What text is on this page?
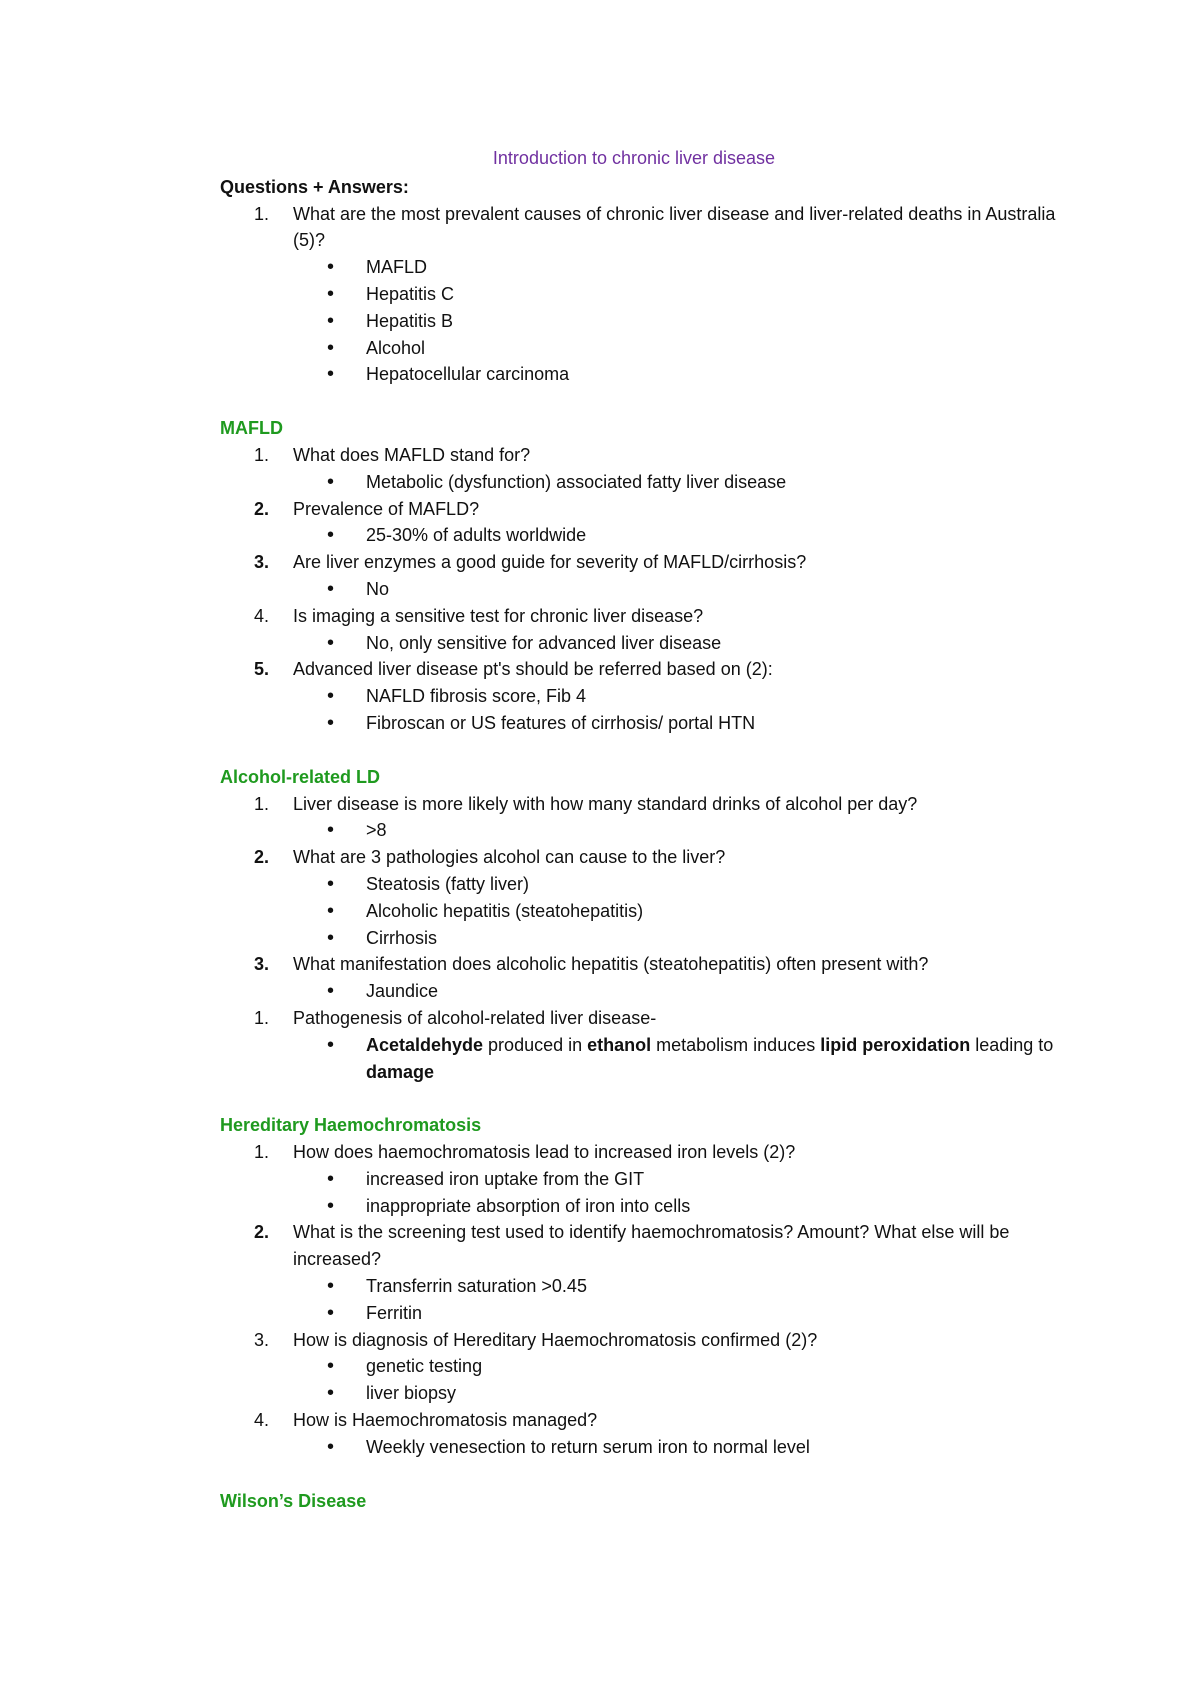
Introduction to chronic liver disease

Questions + Answers:

1.	What are the most prevalent causes of chronic liver disease and liver-related deaths in Australia (5)?
• MAFLD
• Hepatitis C
• Hepatitis B
• Alcohol
• Hepatocellular carcinoma

MAFLD

1.	What does MAFLD stand for?
• Metabolic (dysfunction) associated fatty liver disease
2.	Prevalence of MAFLD?
• 25-30% of adults worldwide
3.	Are liver enzymes a good guide for severity of MAFLD/cirrhosis?
• No
4.	Is imaging a sensitive test for chronic liver disease?
• No, only sensitive for advanced liver disease
5.	Advanced liver disease pt's should be referred based on (2):
• NAFLD fibrosis score, Fib 4
• Fibroscan or US features of cirrhosis/ portal HTN

Alcohol-related LD

1.	Liver disease is more likely with how many standard drinks of alcohol per day?
• >8
2.	What are 3 pathologies alcohol can cause to the liver?
• Steatosis (fatty liver)
• Alcoholic hepatitis (steatohepatitis)
• Cirrhosis
3.	What manifestation does alcoholic hepatitis (steatohepatitis) often present with?
• Jaundice
1.	Pathogenesis of alcohol-related liver disease-
• Acetaldehyde produced in ethanol metabolism induces lipid peroxidation leading to damage

Hereditary Haemochromatosis

1.	How does haemochromatosis lead to increased iron levels (2)?
• increased iron uptake from the GIT
• inappropriate absorption of iron into cells
2.	What is the screening test used to identify haemochromatosis? Amount? What else will be increased?
• Transferrin saturation >0.45
• Ferritin
3.	How is diagnosis of Hereditary Haemochromatosis confirmed (2)?
• genetic testing
• liver biopsy
4.	How is Haemochromatosis managed?
• Weekly venesection to return serum iron to normal level

Wilson’s Disease
